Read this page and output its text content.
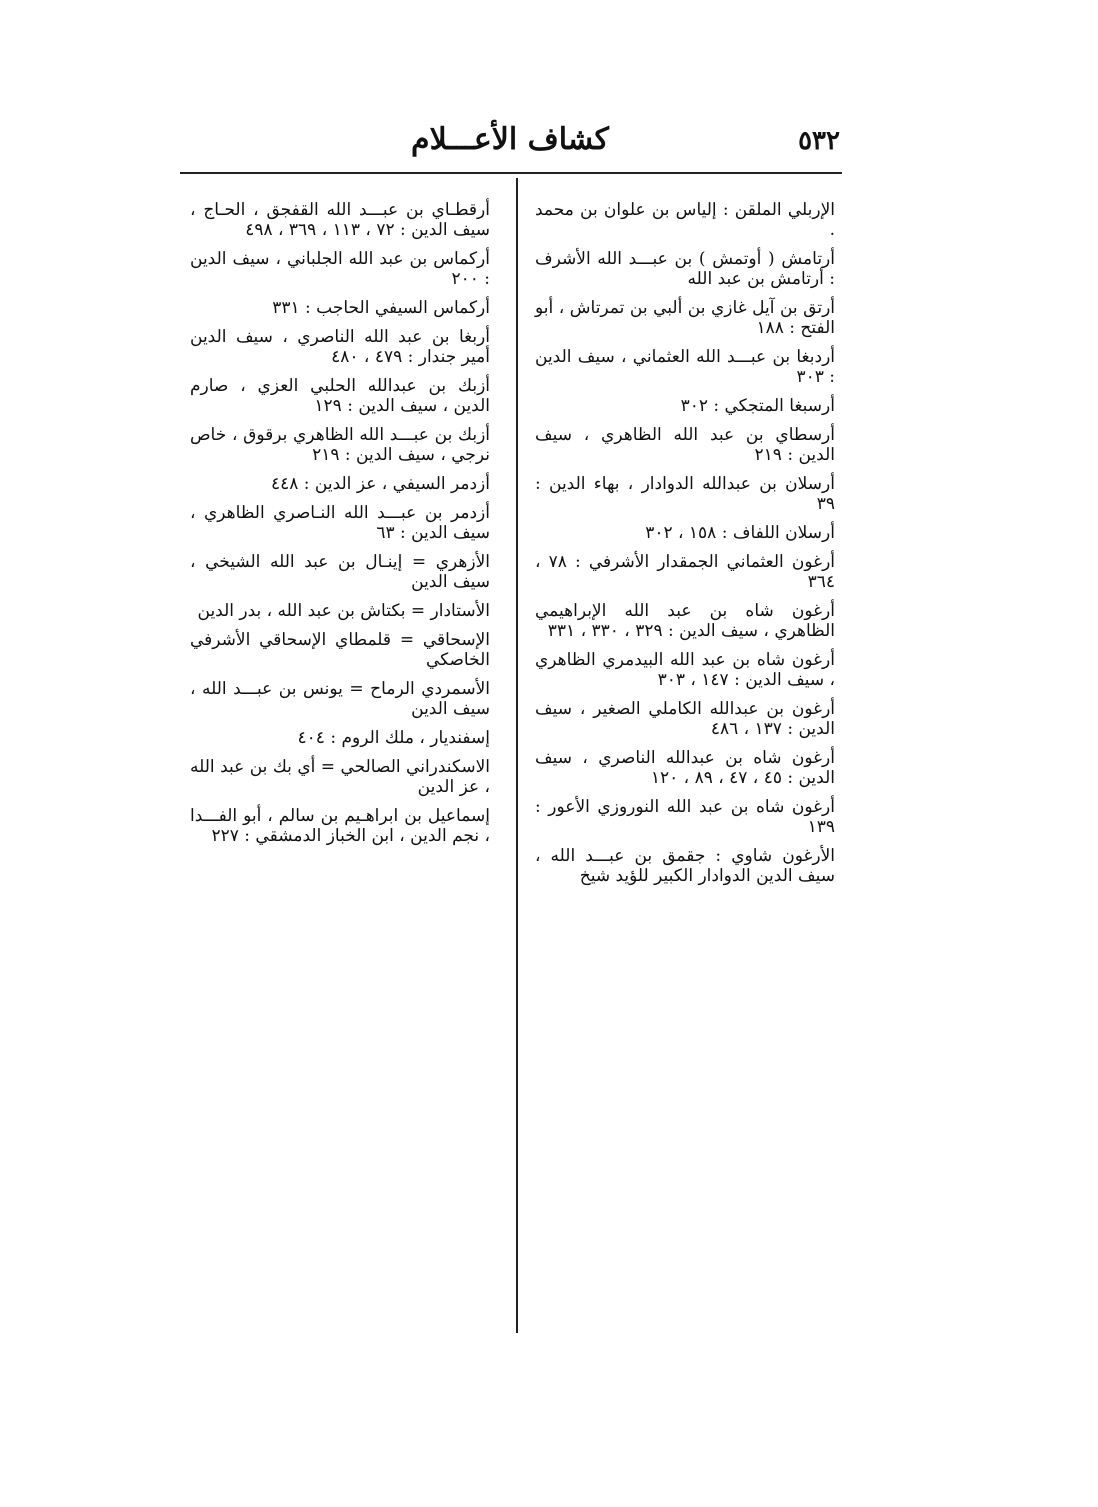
٥٣٢
كشاف الأعـــلام
الإربلي الملقن : إلياس بن علوان بن محمد .
أرتامش ( أوتمش ) بن عبـــد الله الأشرف : أرتامش بن عبد الله
أرتق بن آيل غازي بن ألبي بن تمرتاش ، أبو الفتح : ١٨٨
أردبغا بن عبـــد الله العثماني ، سيف الدين : ٣٠٣
أرسبغا المتجكي : ٣٠٢
أرسطاي بن عبد الله الظاهري ، سيف الدين : ٢١٩
أرسلان بن عبدالله الدوادار ، بهاء الدين : ٣٩
أرسلان اللفاف : ١٥٨ ، ٣٠٢
أرغون العثماني الجمقدار الأشرفي : ٧٨ ، ٣٦٤
أرغون شاه بن عبد الله الإبراهيمي الظاهري ، سيف الدين : ٣٢٩ ، ٣٣٠ ، ٣٣١
أرغون شاه بن عبد الله البيدمري الظاهري ، سيف الدين : ١٤٧ ، ٣٠٣
أرغون بن عبدالله الكاملي الصغير ، سيف الدين : ١٣٧ ، ٤٨٦
أرغون شاه بن عبدالله الناصري ، سيف الدين : ٤٥ ، ٤٧ ، ٨٩ ، ١٢٠
أرغون شاه بن عبد الله النوروزي الأعور : ١٣٩
الأرغون شاوي : جقمق بن عبـــد الله ، سيف الدين الدوادار الكبير للؤيد شيخ
أرقطـاي بن عبـــد الله القفجق ، الحـاج ، سيف الدين : ٧٢ ، ١١٣ ، ٣٦٩ ، ٤٩٨
أركماس بن عبد الله الجلباني ، سيف الدين : ٢٠٠
أركماس السيفي الحاجب : ٣٣١
أربغا بن عبد الله الناصري ، سيف الدين أمير جندار : ٤٧٩ ، ٤٨٠
أزبك بن عبدالله الحلبي العزي ، صارم الدين ، سيف الدين : ١٢٩
أزبك بن عبـــد الله الظاهري برقوق ، خاص نرجي ، سيف الدين : ٢١٩
أزدمر السيفي ، عز الدين : ٤٤٨
أزدمر بن عبـــد الله النـاصري الظاهري ، سيف الدين : ٦٣
الأزهري = إينـال بن عبد الله الشيخي ، سيف الدين
الأستادار = بكتاش بن عبد الله ، بدر الدين
الإسحاقي = قلمطاي الإسحاقي الأشرفي الخاصكي
الأسمردي الرماح = يونس بن عبـــد الله ، سيف الدين
إسفنديار ، ملك الروم : ٤٠٤
الاسكندراني الصالحي = أي بك بن عبد الله ، عز الدين
إسماعيل بن ابراهـيم بن سالم ، أبو الفـــدا ، نجم الدين ، ابن الخباز الدمشقي : ٢٢٧
